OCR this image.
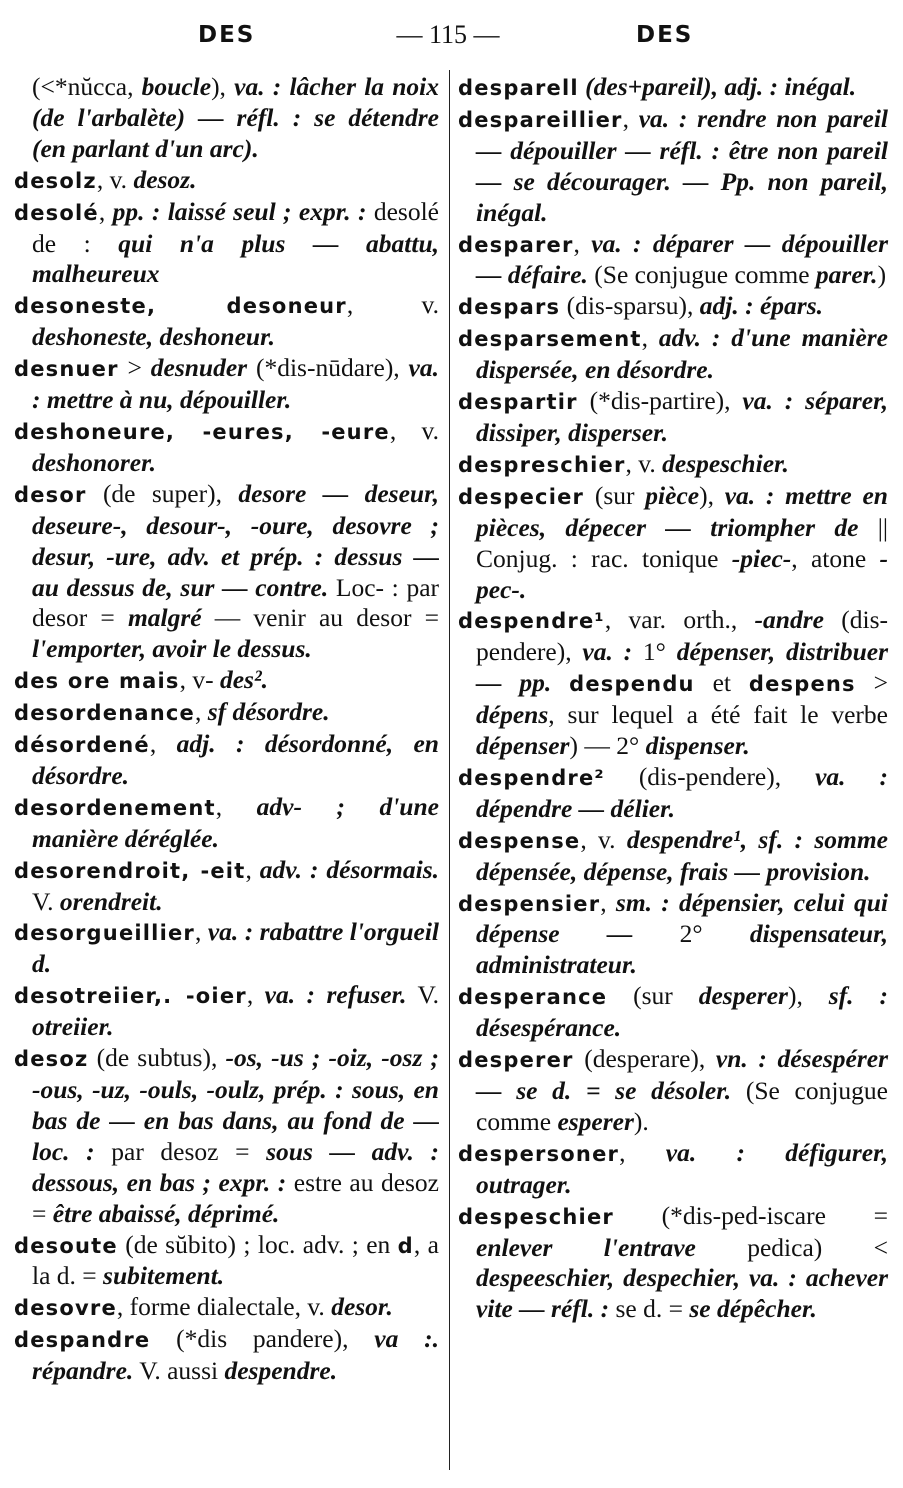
DES	— 115 —	DES

(<*nŭcca, boucle), va. : lâcher la noix (de l'arbalète) — réfl. : se détendre (en parlant d'un arc).

desolz, v. desoz.

desolé, pp. : laissé seul ; expr. : desolé de : qui n'a plus — abattu, malheureux

desoneste, desoneur, v. deshoneste, deshoneur.

desnuer > desnuder (*dis-nūdare), va. : mettre à nu, dépouiller.

deshoneure, -eures, -eure, v. deshonorer.

desor (de super), desore — deseur, deseure-, desour-, -oure, desovre ; desur, -ure, adv. et prép. : dessus — au dessus de, sur — contre. Loc- : par desor = malgré — venir au desor = l'emporter, avoir le dessus.

des ore mais, v- des².

desordenance, sf désordre.

désordené, adj. : désordonné, en désordre.

desordenement, adv- ; d'une manière déréglée.

desorendroit, -eit, adv. : désormais. V. orendreit.

desorgueillier, va. : rabattre l'orgueil d.

desotreiier,. -oier, va. : refuser. V. otreiier.

desoz (de subtus), -os, -us ; -oiz, -osz ; -ous, -uz, -ouls, -oulz, prép. : sous, en bas de — en bas dans, au fond de — loc. : par desoz = sous — adv. : dessous, en bas ; expr. : estre au desoz = être abaissé, déprimé.

desoute (de sŭbito) ; loc. adv. ; en d, a la d. = subitement.

desovre, forme dialectale, v. desor.

despandre (*dis pandere), va :. répandre. V. aussi despendre.

desparell (des+pareil), adj. : inégal.

despareillier, va. : rendre non pareil — dépouiller — réfl. : être non pareil — se décourager. — Pp. non pareil, inégal.

desparer, va. : déparer — dépouiller — défaire. (Se conjugue comme parer.)

despars (dis-sparsu), adj. : épars.

desparsement, adv. : d'une manière dispersée, en désordre.

despartir (*dis-partire), va. : séparer, dissiper, disperser.

despreschier, v. despeschier.

despecier (sur pièce), va. : mettre en pièces, dépecer — triompher de || Conjug. : rac. tonique -piec-, atone -pec-.

despendre¹, var. orth., -andre (dis-pendere), va. : 1° dépenser, distribuer — pp. despendu et despens > dépens, sur lequel a été fait le verbe dépenser) — 2° dispenser.

despendre² (dis-pendere), va. : dépendre — délier.

despense, v. despendre¹, sf. : somme dépensée, dépense, frais — provision.

despensier, sm. : dépensier, celui qui dépense — 2° dispensateur, administrateur.

desperance (sur desperer), sf. : désespérance.

desperer (desperare), vn. : désespérer — se d. = se désoler. (Se conjugue comme esperer).

despersoner, va. : défigurer, outrager.

despeschier (*dis-ped-iscare = enlever l'entrave pedica) < despeeschier, despechier, va. : achever vite — réfl. : se d. = se dépêcher.
